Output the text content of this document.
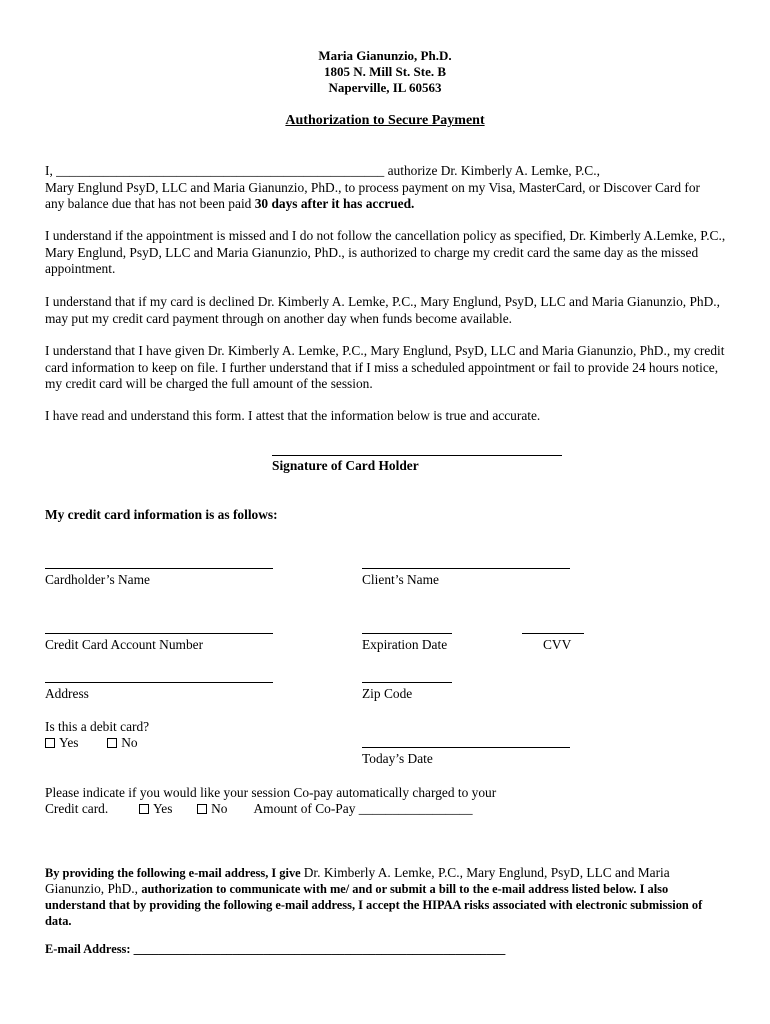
Maria Gianunzio, Ph.D.
1805 N. Mill St. Ste. B
Naperville, IL 60563
Authorization to Secure Payment
I, _________________________________________________ authorize Dr. Kimberly A. Lemke, P.C.,
Mary Englund PsyD, LLC and Maria Gianunzio, PhD., to process payment on my Visa, MasterCard, or Discover Card for
any balance due that has not been paid 30 days after it has accrued.
I understand if the appointment is missed and I do not follow the cancellation policy as specified, Dr. Kimberly A.Lemke, P.C., Mary Englund, PsyD, LLC and Maria Gianunzio, PhD., is authorized to charge my credit card the same day as the missed appointment.
I understand that if my card is declined Dr. Kimberly A. Lemke, P.C., Mary Englund, PsyD, LLC and Maria Gianunzio, PhD., may put my credit card payment through on another day when funds become available.
I understand that I have given Dr. Kimberly A. Lemke, P.C., Mary Englund, PsyD, LLC and Maria Gianunzio, PhD., my credit card information to keep on file. I further understand that if I miss a scheduled appointment or fail to provide 24 hours notice, my credit card will be charged the full amount of the session.
I have read and understand this form. I attest that the information below is true and accurate.
Signature of Card Holder
My credit card information is as follows:
Cardholder’s Name	Client’s Name
Credit Card Account Number	Expiration Date	CVV
Address	Zip Code
Is this a debit card?
Yes	No
Today’s Date
Please indicate if you would like your session Co-pay automatically charged to your
Credit card.	Yes	No Amount of Co-Pay _________________
By providing the following e-mail address, I give Dr. Kimberly A. Lemke, P.C., Mary Englund, PsyD, LLC and Maria Gianunzio, PhD., authorization to communicate with me/ and or submit a bill to the e-mail address listed below. I also understand that by providing the following e-mail address, I accept the HIPAA risks associated with electronic submission of data.
E-mail Address: ____________________________________________________________
